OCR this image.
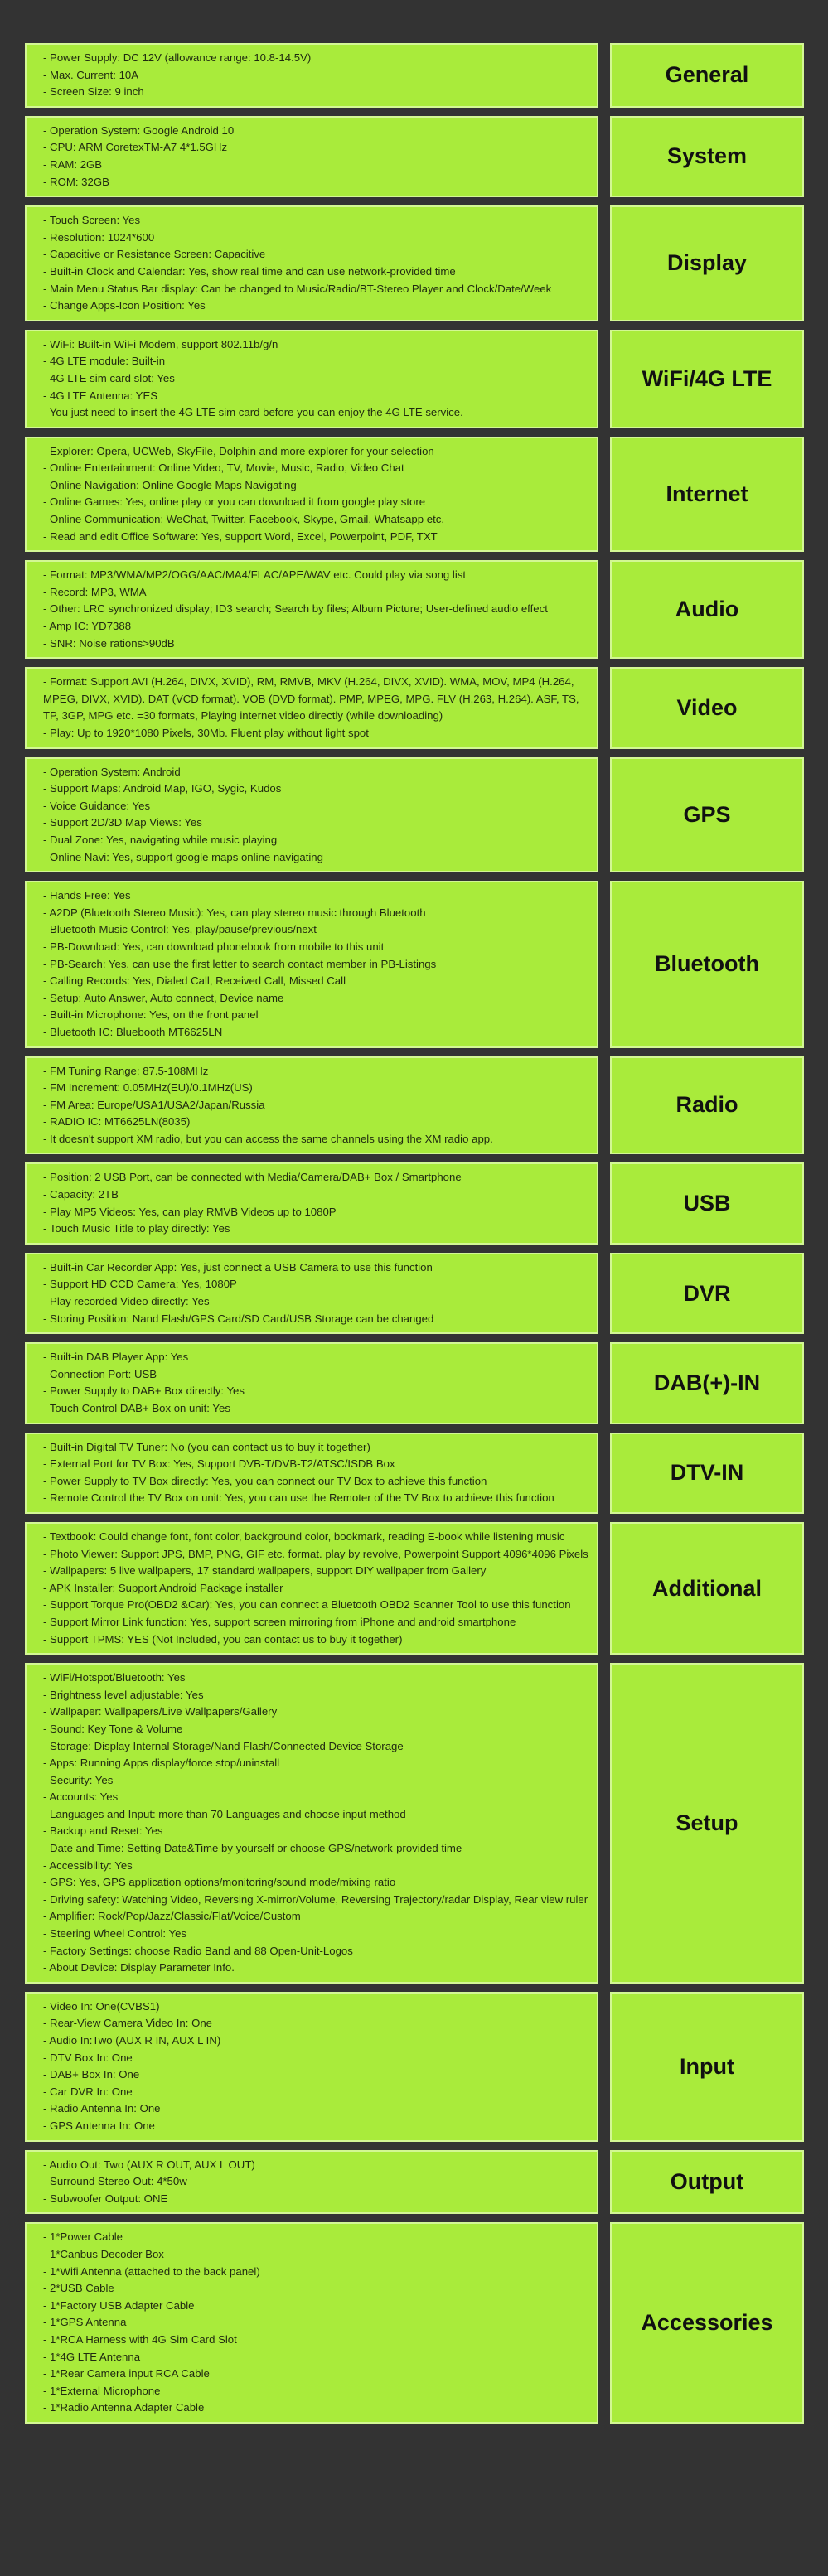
- Power Supply: DC 12V (allowance range: 10.8-14.5V)
- Max. Current: 10A
- Screen Size: 9 inch
General
- Operation System: Google Android 10
- CPU: ARM CoretexTM-A7 4*1.5GHz
- RAM: 2GB
- ROM: 32GB
System
- Touch Screen: Yes
- Resolution: 1024*600
- Capacitive or Resistance Screen: Capacitive
- Built-in Clock and Calendar: Yes, show real time and can use network-provided time
- Main Menu Status Bar display: Can be changed to Music/Radio/BT-Stereo Player and Clock/Date/Week
- Change Apps-Icon Position: Yes
Display
- WiFi: Built-in WiFi Modem, support 802.11b/g/n
- 4G LTE module: Built-in
- 4G LTE sim card slot: Yes
- 4G LTE Antenna: YES
- You just need to insert the 4G LTE sim card before you can enjoy the 4G LTE service.
WiFi/4G LTE
- Explorer: Opera, UCWeb, SkyFile, Dolphin and more explorer for your selection
- Online Entertainment: Online Video, TV, Movie, Music, Radio, Video Chat
- Online Navigation: Online Google Maps Navigating
- Online Games: Yes, online play or you can download it from google play store
- Online Communication: WeChat, Twitter, Facebook, Skype, Gmail, Whatsapp etc.
- Read and edit Office Software: Yes, support Word, Excel, Powerpoint, PDF, TXT
Internet
- Format: MP3/WMA/MP2/OGG/AAC/MA4/FLAC/APE/WAV etc. Could play via song list
- Record: MP3, WMA
- Other: LRC synchronized display; ID3 search; Search by files; Album Picture; User-defined audio effect
- Amp IC: YD7388
- SNR: Noise rations>90dB
Audio
- Format: Support AVI (H.264, DIVX, XVID), RM, RMVB, MKV (H.264, DIVX, XVID). WMA, MOV, MP4 (H.264, MPEG, DIVX, XVID). DAT (VCD format). VOB (DVD format). PMP, MPEG, MPG. FLV (H.263, H.264). ASF, TS, TP, 3GP, MPG etc. =30 formats, Playing internet video directly (while downloading)
- Play: Up to 1920*1080 Pixels, 30Mb. Fluent play without light spot
Video
- Operation System: Android
- Support Maps: Android Map, IGO, Sygic, Kudos
- Voice Guidance: Yes
- Support 2D/3D Map Views: Yes
- Dual Zone: Yes, navigating while music playing
- Online Navi: Yes, support google maps online navigating
GPS
- Hands Free: Yes
- A2DP (Bluetooth Stereo Music): Yes, can play stereo music through Bluetooth
- Bluetooth Music Control: Yes, play/pause/previous/next
- PB-Download: Yes, can download phonebook from mobile to this unit
- PB-Search: Yes, can use the first letter to search contact member in PB-Listings
- Calling Records: Yes, Dialed Call, Received Call, Missed Call
- Setup: Auto Answer, Auto connect, Device name
- Built-in Microphone: Yes, on the front panel
- Bluetooth IC: Bluebooth MT6625LN
Bluetooth
- FM Tuning Range: 87.5-108MHz
- FM Increment: 0.05MHz(EU)/0.1MHz(US)
- FM Area: Europe/USA1/USA2/Japan/Russia
- RADIO IC: MT6625LN(8035)
- It doesn't support XM radio, but you can access the same channels using the XM radio app.
Radio
- Position: 2 USB Port, can be connected with Media/Camera/DAB+ Box / Smartphone
- Capacity: 2TB
- Play MP5 Videos: Yes, can play RMVB Videos up to 1080P
- Touch Music Title to play directly: Yes
USB
- Built-in Car Recorder App: Yes, just connect a USB Camera to use this function
- Support HD CCD Camera: Yes, 1080P
- Play recorded Video directly: Yes
- Storing Position: Nand Flash/GPS Card/SD Card/USB Storage can be changed
DVR
- Built-in DAB Player App: Yes
- Connection Port: USB
- Power Supply to DAB+ Box directly: Yes
- Touch Control DAB+ Box on unit: Yes
DAB(+)-IN
- Built-in Digital TV Tuner: No (you can contact us to buy it together)
- External Port for TV Box: Yes, Support DVB-T/DVB-T2/ATSC/ISDB Box
- Power Supply to TV Box directly: Yes, you can connect our TV Box to achieve this function
- Remote Control the TV Box on unit: Yes, you can use the Remoter of the TV Box to achieve this function
DTV-IN
- Textbook: Could change font, font color, background color, bookmark, reading E-book while listening music
- Photo Viewer: Support JPS, BMP, PNG, GIF etc. format. play by revolve, Powerpoint Support 4096*4096 Pixels
- Wallpapers: 5 live wallpapers, 17 standard wallpapers, support DIY wallpaper from Gallery
- APK Installer: Support Android Package installer
- Support Torque Pro(OBD2 &Car): Yes, you can connect a Bluetooth OBD2 Scanner Tool to use this function
- Support Mirror Link function: Yes, support screen mirroring from iPhone and android smartphone
- Support TPMS: YES (Not Included, you can contact us to buy it together)
Additional
- WiFi/Hotspot/Bluetooth: Yes
- Brightness level adjustable: Yes
- Wallpaper: Wallpapers/Live Wallpapers/Gallery
- Sound: Key Tone & Volume
- Storage: Display Internal Storage/Nand Flash/Connected Device Storage
- Apps: Running Apps display/force stop/uninstall
- Security: Yes
- Accounts: Yes
- Languages and Input: more than 70 Languages and choose input method
- Backup and Reset: Yes
- Date and Time: Setting Date&Time by yourself or choose GPS/network-provided time
- Accessibility: Yes
- GPS: Yes, GPS application options/monitoring/sound mode/mixing ratio
- Driving safety: Watching Video, Reversing X-mirror/Volume, Reversing Trajectory/radar Display, Rear view ruler
- Amplifier: Rock/Pop/Jazz/Classic/Flat/Voice/Custom
- Steering Wheel Control: Yes
- Factory Settings: choose Radio Band and 88 Open-Unit-Logos
- About Device: Display Parameter Info.
Setup
- Video In: One(CVBS1)
- Rear-View Camera Video In: One
- Audio In:Two (AUX R IN, AUX L IN)
- DTV Box In: One
- DAB+ Box In: One
- Car DVR In: One
- Radio Antenna In: One
- GPS Antenna In: One
Input
- Audio Out: Two (AUX R OUT, AUX L OUT)
- Surround Stereo Out: 4*50w
- Subwoofer Output: ONE
Output
- 1*Power Cable
- 1*Canbus Decoder Box
- 1*Wifi Antenna (attached to the back panel)
- 2*USB Cable
- 1*Factory USB Adapter Cable
- 1*GPS Antenna
- 1*RCA Harness with 4G Sim Card Slot
- 1*4G LTE Antenna
- 1*Rear Camera input RCA Cable
- 1*External Microphone
- 1*Radio Antenna Adapter Cable
Accessories
